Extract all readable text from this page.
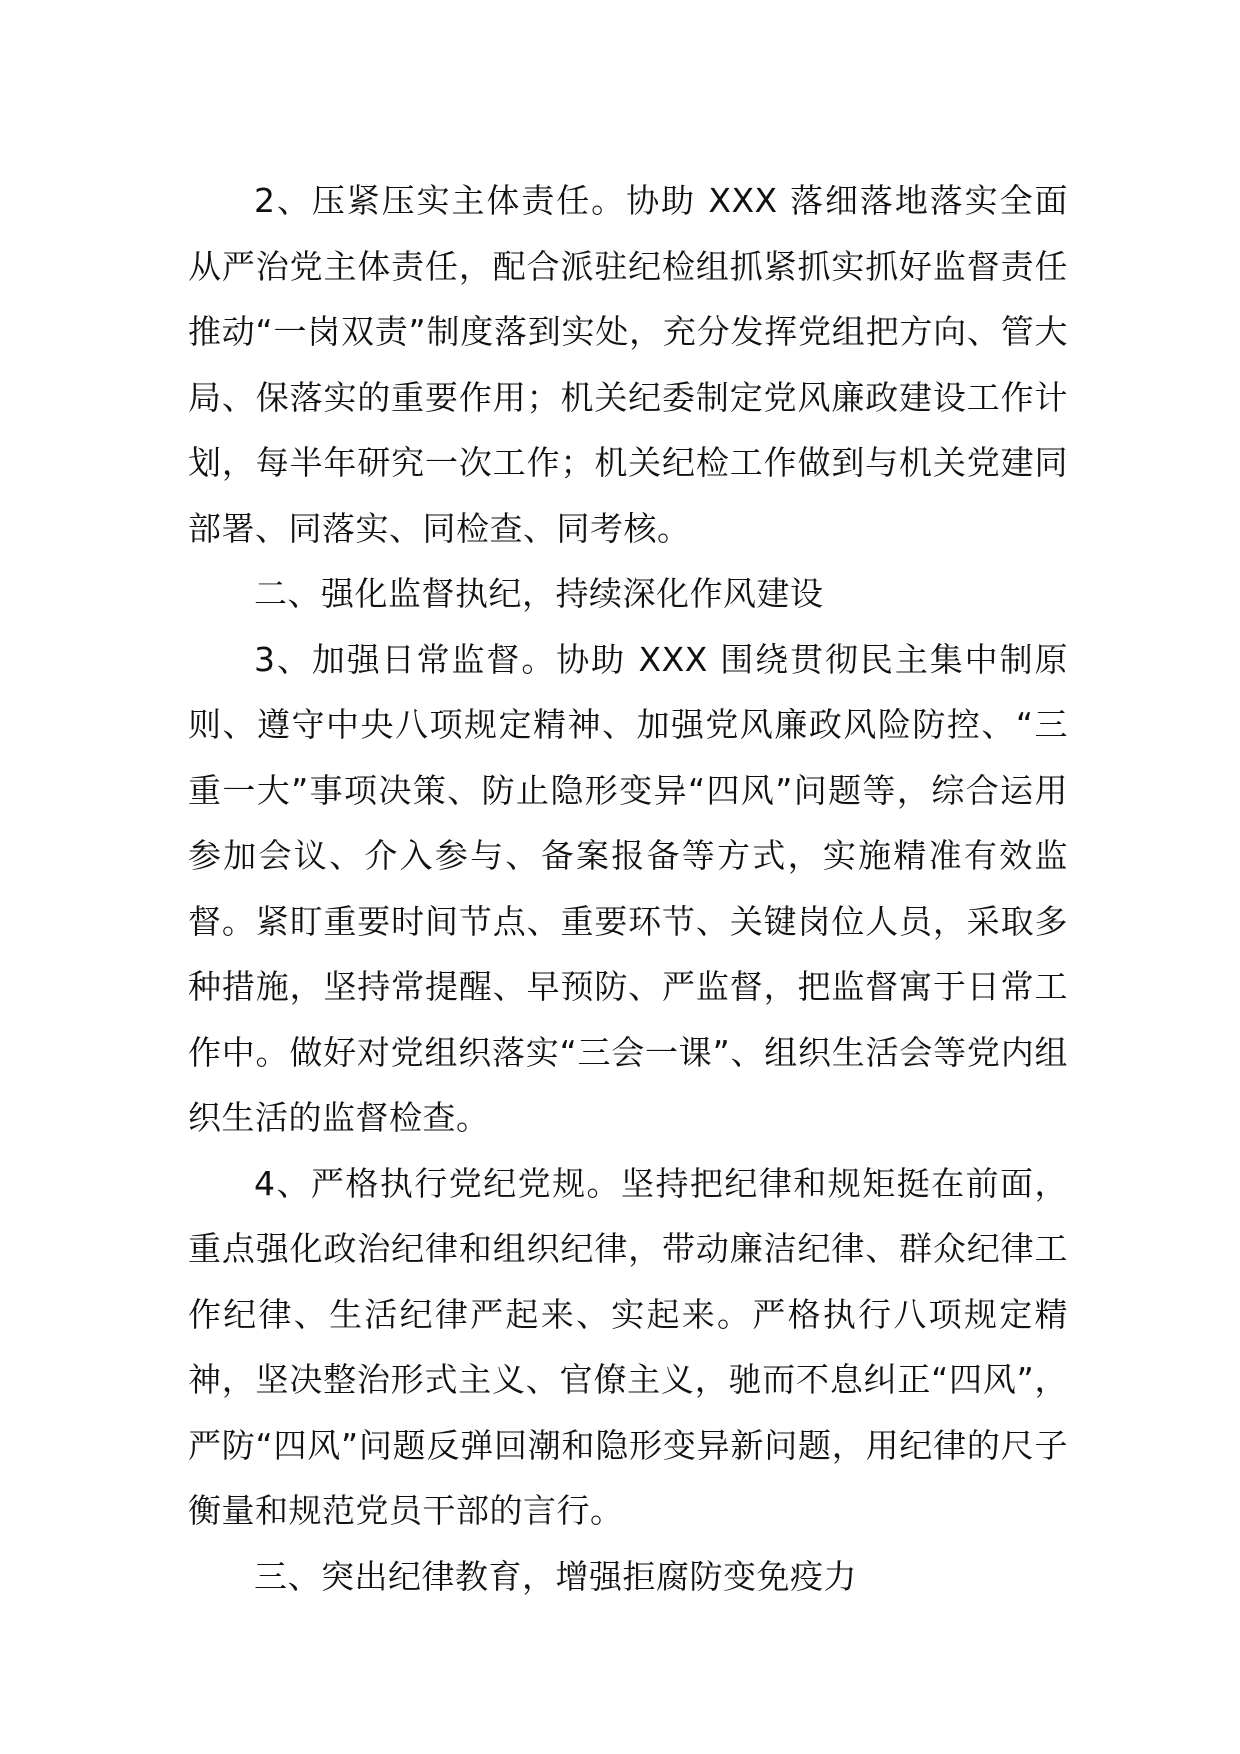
2、压紧压实主体责任。协助 XXX 落细落地落实全面从严治党主体责任，配合派驻纪检组抓紧抓实抓好监督责任推动“一岗双责”制度落到实处，充分发挥党组把方向、管大局、保落实的重要作用；机关纪委制定党风廉政建设工作计划，每半年研究一次工作；机关纪检工作做到与机关党建同部署、同落实、同检查、同考核。

二、强化监督执纪，持续深化作风建设

3、加强日常监督。协助 XXX 围绕贯彻民主集中制原则、遵守中央八项规定精神、加强党风廉政风险防控、“三重一大”事项决策、防止隐形变异“四风”问题等，综合运用参加会议、介入参与、备案报备等方式，实施精准有效监督。紧盯重要时间节点、重要环节、关键岗位人员，采取多种措施，坚持常提醒、早预防、严监督，把监督寓于日常工作中。做好对党组织落实“三会一课”、组织生活会等党内组织生活的监督检查。

4、严格执行党纪党规。坚持把纪律和规矩挺在前面，重点强化政治纪律和组织纪律，带动廉洁纪律、群众纪律工作纪律、生活纪律严起来、实起来。严格执行八项规定精神，坚决整治形式主义、官僚主义，驰而不息纠正“四风”，严防“四风”问题反弹回潮和隐形变异新问题，用纪律的尺子衡量和规范党员干部的言行。

三、突出纪律教育，增强拒腐防变免疫力
